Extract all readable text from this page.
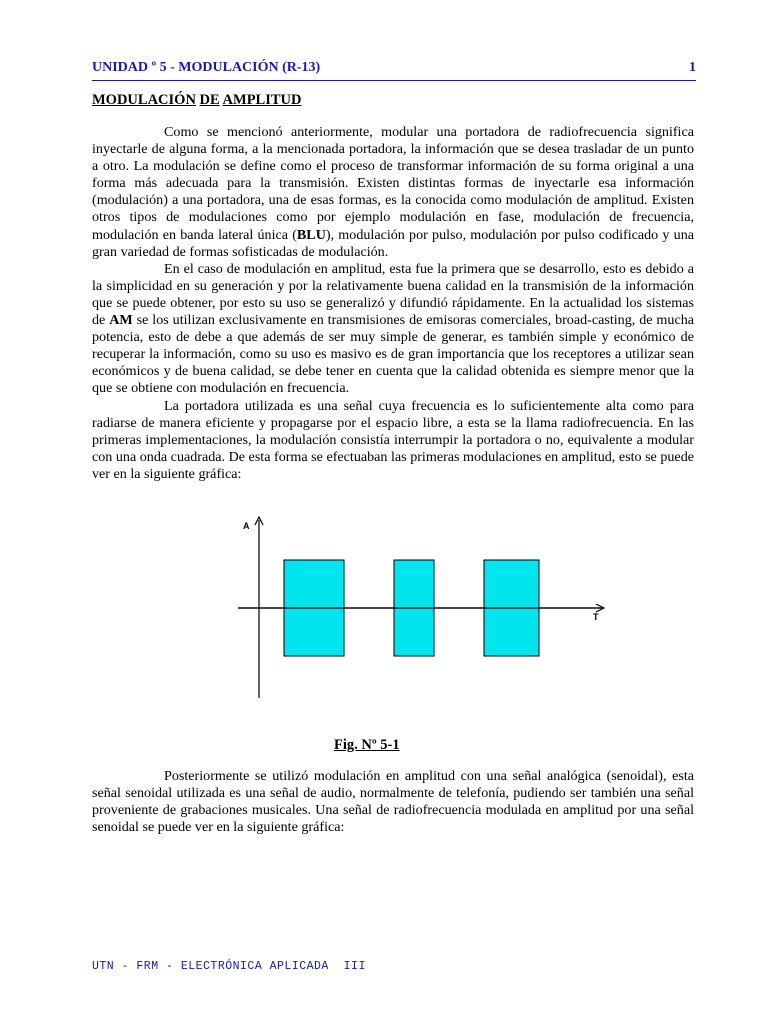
UNIDAD º 5 - MODULACIÓN (R-13)	1
MODULACIÓN DE AMPLITUD

Como se mencionó anteriormente, modular una portadora de radiofrecuencia significa inyectarle de alguna forma, a la mencionada portadora, la información que se desea trasladar de un punto a otro. La modulación se define como el proceso de transformar información de su forma original a una forma más adecuada para la transmisión. Existen distintas formas de inyectarle esa información (modulación) a una portadora, una de esas formas, es la conocida como modulación de amplitud. Existen otros tipos de modulaciones como por ejemplo modulación en fase, modulación de frecuencia, modulación en banda lateral única (BLU), modulación por pulso, modulación por pulso codificado y una gran variedad de formas sofisticadas de modulación.

En el caso de modulación en amplitud, esta fue la primera que se desarrollo, esto es debido a la simplicidad en su generación y por la relativamente buena calidad en la transmisión de la información que se puede obtener, por esto su uso se generalizó y difundió rápidamente. En la actualidad los sistemas de AM se los utilizan exclusivamente en transmisiones de emisoras comerciales, broad-casting, de mucha potencia, esto de debe a que además de ser muy simple de generar, es también simple y económico de recuperar la información, como su uso es masivo es de gran importancia que los receptores a utilizar sean económicos y de buena calidad, se debe tener en cuenta que la calidad obtenida es siempre menor que la que se obtiene con modulación en frecuencia.

La portadora utilizada es una señal cuya frecuencia es lo suficientemente alta como para radiarse de manera eficiente y propagarse por el espacio libre, a esta se la llama radiofrecuencia. En las primeras implementaciones, la modulación consistía interrumpir la portadora o no, equivalente a modular con una onda cuadrada. De esta forma se efectuaban las primeras modulaciones en amplitud, esto se puede ver en la siguiente gráfica:

A
T
Fig. Nº 5-1

Posteriormente se utilizó modulación en amplitud con una señal analógica (senoidal), esta señal senoidal utilizada es una señal de audio, normalmente de telefonía, pudiendo ser también una señal proveniente de grabaciones musicales. Una señal de radiofrecuencia modulada en amplitud por una señal senoidal se puede ver en la siguiente gráfica:

UTN - FRM - ELECTRÓNICA APLICADA  III
